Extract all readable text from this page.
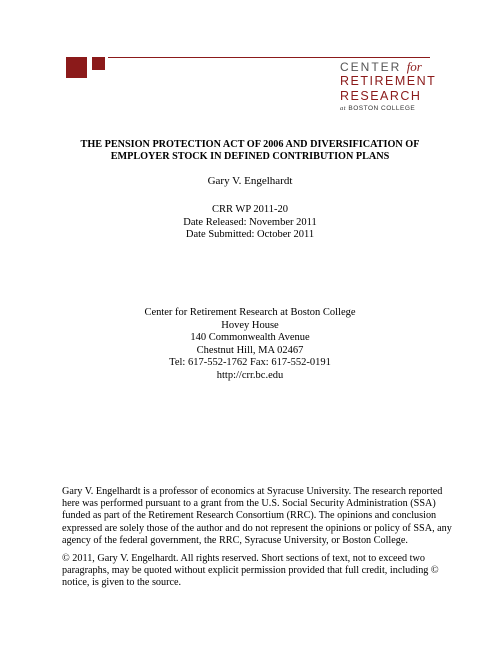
CENTER for
RETIREMENT
RESEARCH
at BOSTON COLLEGE
THE PENSION PROTECTION ACT OF 2006 AND DIVERSIFICATION OF
EMPLOYER STOCK IN DEFINED CONTRIBUTION PLANS
Gary V. Engelhardt
CRR WP 2011-20
Date Released: November 2011
Date Submitted: October 2011
Center for Retirement Research at Boston College
Hovey House
140 Commonwealth Avenue
Chestnut Hill, MA 02467
Tel: 617-552-1762 Fax: 617-552-0191
http://crr.bc.edu
Gary V. Engelhardt is a professor of economics at Syracuse University. The research reported
here was performed pursuant to a grant from the U.S. Social Security Administration (SSA)
funded as part of the Retirement Research Consortium (RRC). The opinions and conclusion
expressed are solely those of the author and do not represent the opinions or policy of SSA, any
agency of the federal government, the RRC, Syracuse University, or Boston College.
© 2011, Gary V. Engelhardt. All rights reserved. Short sections of text, not to exceed two
paragraphs, may be quoted without explicit permission provided that full credit, including ©
notice, is given to the source.
